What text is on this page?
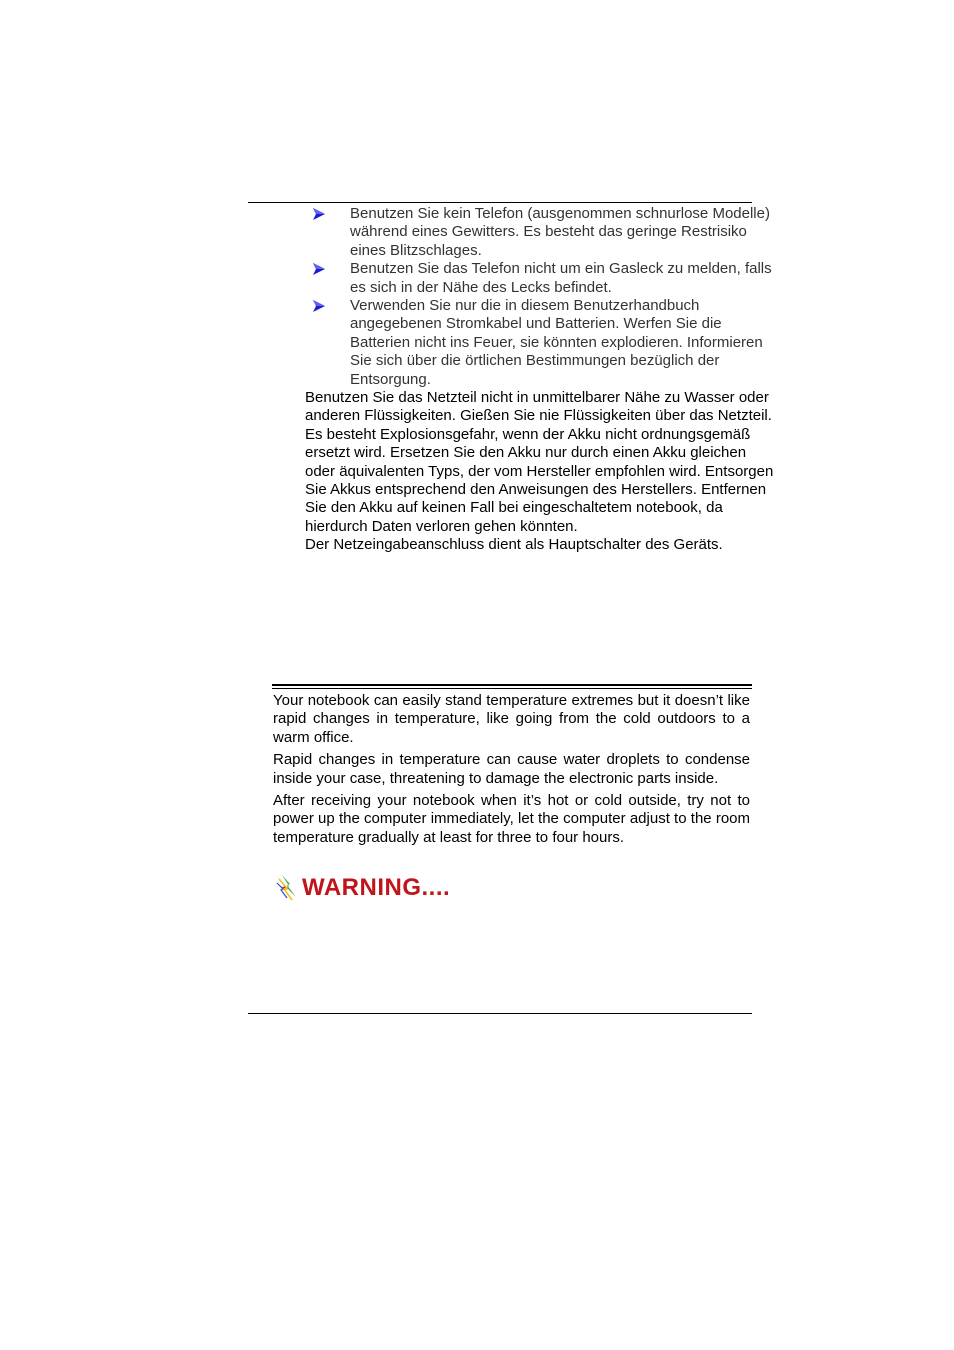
Benutzen Sie kein Telefon (ausgenommen schnurlose Modelle) während eines Gewitters. Es besteht das geringe Restrisiko eines Blitzschlages.
Benutzen Sie das Telefon nicht um ein Gasleck zu melden, falls es sich in der Nähe des Lecks befindet.
Verwenden Sie nur die in diesem Benutzerhandbuch angegebenen Stromkabel und Batterien. Werfen Sie die Batterien nicht ins Feuer, sie könnten explodieren. Informieren Sie sich über die örtlichen Bestimmungen bezüglich der Entsorgung.

Benutzen Sie das Netzteil nicht in unmittelbarer Nähe zu Wasser oder anderen Flüssigkeiten. Gießen Sie nie Flüssigkeiten über das Netzteil.

Es besteht Explosionsgefahr, wenn der Akku nicht ordnungsgemäß ersetzt wird. Ersetzen Sie den Akku nur durch einen Akku gleichen oder äquivalenten Typs, der vom Hersteller empfohlen wird. Entsorgen Sie Akkus entsprechend den Anweisungen des Herstellers. Entfernen Sie den Akku auf keinen Fall bei eingeschaltetem notebook, da hierdurch Daten verloren gehen könnten.

Der Netzeingabeanschluss dient als Hauptschalter des Geräts.

Your notebook can easily stand temperature extremes but it doesn’t like rapid changes in temperature, like going from the cold outdoors to a warm office.

Rapid changes in temperature can cause water droplets to condense inside your case, threatening to damage the electronic parts inside.

After receiving your notebook when it’s hot or cold outside, try not to power up the computer immediately, let the computer adjust to the room temperature gradually at least for three to four hours.

WARNING....
